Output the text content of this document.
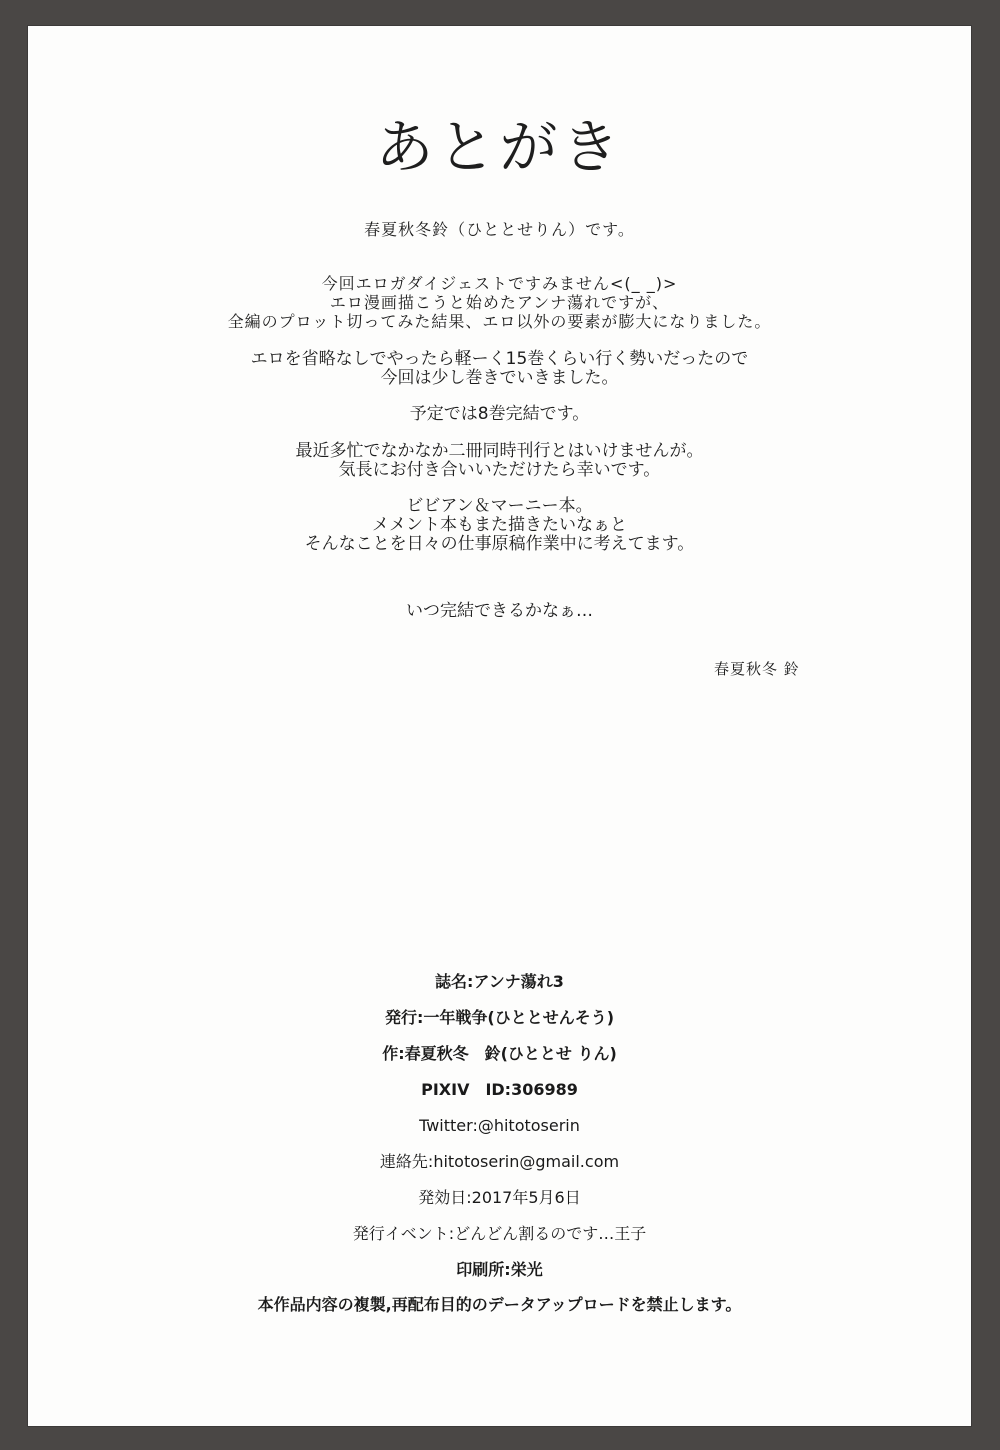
あとがき
春夏秋冬鈴（ひととせりん）です。
今回エロガダイジェストですみません<(_ _)>
エロ漫画描こうと始めたアンナ蕩れですが、
全編のプロット切ってみた結果、エロ以外の要素が膨大になりました。
エロを省略なしでやったら軽ーく15巻くらい行く勢いだったので
今回は少し巻きでいきました。
予定では8巻完結です。
最近多忙でなかなか二冊同時刊行とはいけませんが。
気長にお付き合いいただけたら幸いです。
ビビアン＆マーニー本。
メメント本もまた描きたいなぁと
そんなことを日々の仕事原稿作業中に考えてます。
いつ完結できるかなぁ…
春夏秋冬 鈴
誌名:アンナ蕩れ3
発行:一年戦争(ひととせんそう)
作:春夏秋冬　鈴(ひととせ りん)
PIXIV　ID:306989
Twitter:@hitotoserin
連絡先:hitotoserin@gmail.com
発効日:2017年5月6日
発行イベント:どんどん割るのです…王子
印刷所:栄光
本作品内容の複製,再配布目的のデータアップロードを禁止します。
